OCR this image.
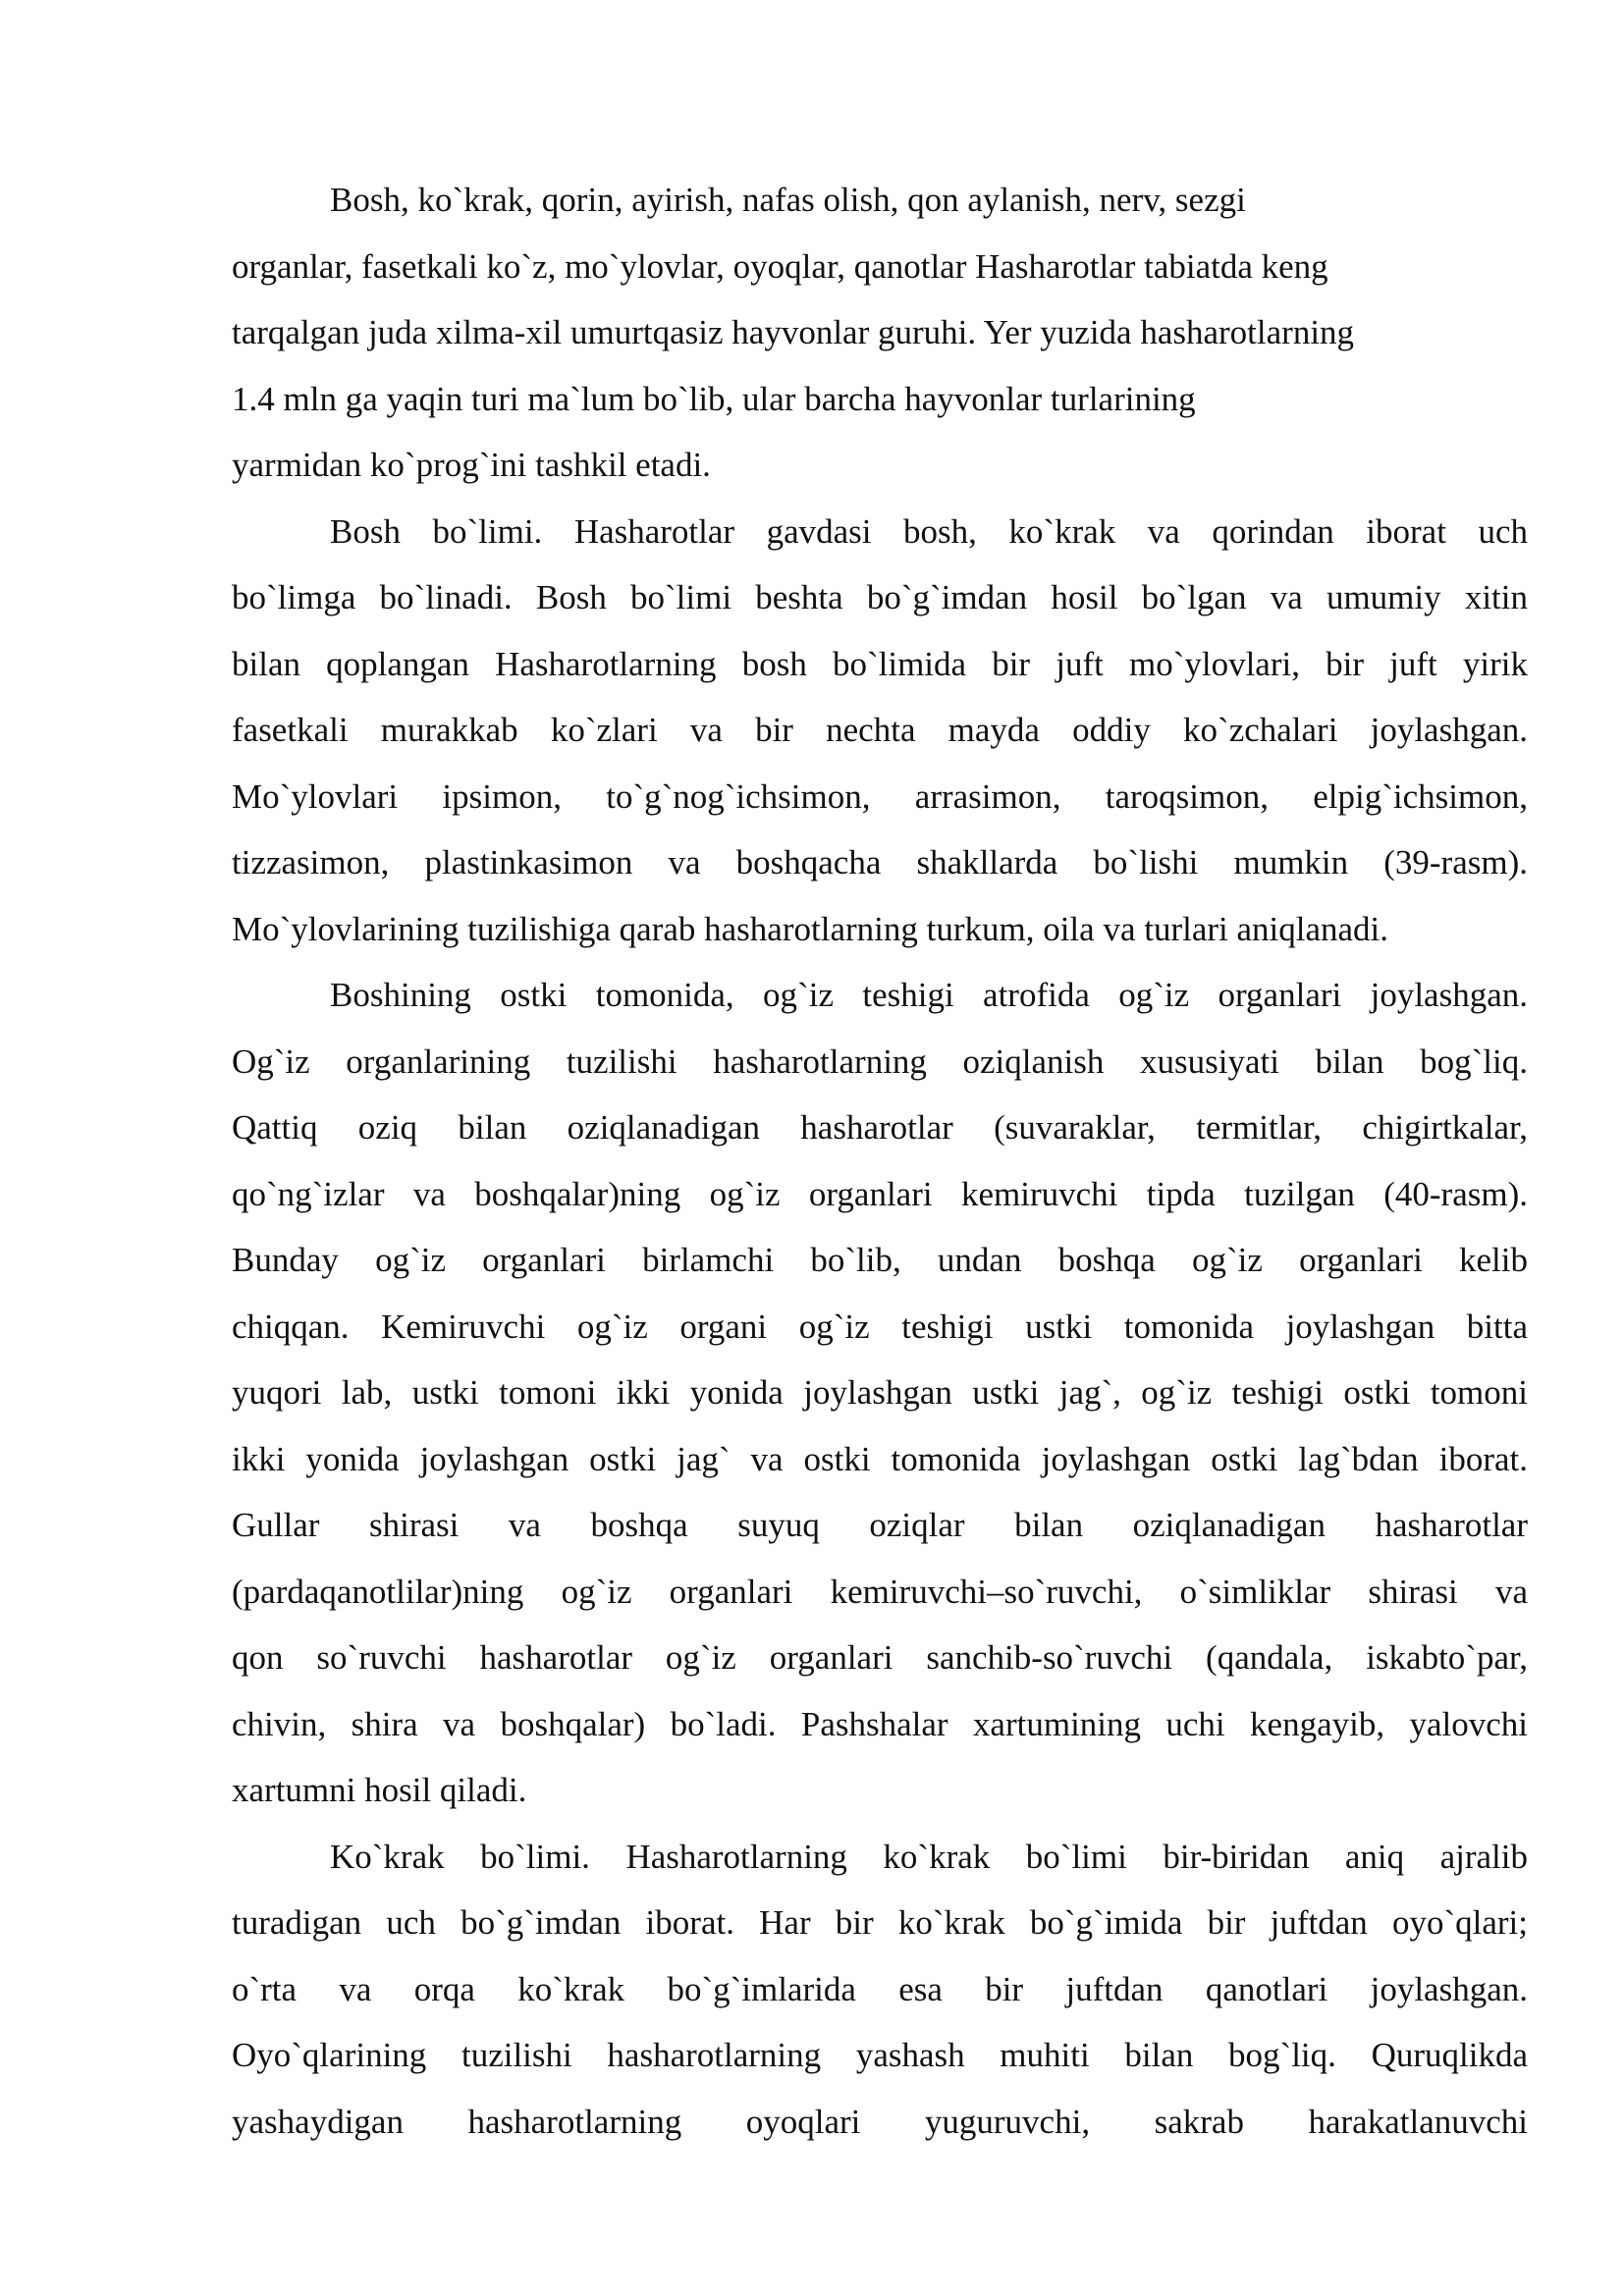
Bosh, ko`krak, qorin, ayirish, nafas olish, qon aylanish, nerv, sezgi
organlar, fasetkali ko`z, mo`ylovlar, oyoqlar, qanotlar Hasharotlar tabiatda keng
tarqalgan juda xilma-xil umurtqasiz hayvonlar guruhi. Yer yuzida hasharotlarning
1.4 mln ga yaqin turi ma`lum bo`lib, ular barcha hayvonlar turlarining
yarmidan ko`prog`ini tashkil etadi.
Bosh bo`limi. Hasharotlar gavdasi bosh, ko`krak va qorindan iborat uch
bo`limga bo`linadi. Bosh bo`limi beshta bo`g`imdan hosil bo`lgan va umumiy xitin
bilan qoplangan Hasharotlarning bosh bo`limida bir juft mo`ylovlari, bir juft yirik
fasetkali murakkab ko`zlari va bir nechta mayda oddiy ko`zchalari joylashgan.
Mo`ylovlari ipsimon, to`g`nog`ichsimon, arrasimon, taroqsimon, elpig`ichsimon,
tizzasimon, plastinkasimon va boshqacha shakllarda bo`lishi mumkin (39-rasm).
Mo`ylovlarining tuzilishiga qarab hasharotlarning turkum, oila va turlari aniqlanadi.
Boshining ostki tomonida, og`iz teshigi atrofida og`iz organlari joylashgan.
Og`iz organlarining tuzilishi hasharotlarning oziqlanish xususiyati bilan bog`liq.
Qattiq oziq bilan oziqlanadigan hasharotlar (suvaraklar, termitlar, chigirtkalar,
qo`ng`izlar va boshqalar)ning og`iz organlari kemiruvchi tipda tuzilgan (40-rasm).
Bunday og`iz organlari birlamchi bo`lib, undan boshqa og`iz organlari kelib
chiqqan. Kemiruvchi og`iz organi og`iz teshigi ustki tomonida joylashgan bitta
yuqori lab, ustki tomoni ikki yonida joylashgan ustki jag`, og`iz teshigi ostki tomoni
ikki yonida joylashgan ostki jag` va ostki tomonida joylashgan ostki lag`bdan iborat.
Gullar shirasi va boshqa suyuq oziqlar bilan oziqlanadigan hasharotlar
(pardaqanotlilar)ning og`iz organlari kemiruvchi–so`ruvchi, o`simliklar shirasi va
qon so`ruvchi hasharotlar og`iz organlari sanchib-so`ruvchi (qandala, iskabto`par,
chivin, shira va boshqalar) bo`ladi. Pashshalar xartumining uchi kengayib, yalovchi
xartumni hosil qiladi.
Ko`krak bo`limi. Hasharotlarning ko`krak bo`limi bir-biridan aniq ajralib
turadigan uch bo`g`imdan iborat. Har bir ko`krak bo`g`imida bir juftdan oyo`qlari;
o`rta va orqa ko`krak bo`g`imlarida esa bir juftdan qanotlari joylashgan.
Oyo`qlarining tuzilishi hasharotlarning yashash muhiti bilan bog`liq. Quruqlikda
yashaydigan hasharotlarning oyoqlari yuguruvchi, sakrab harakatlanuvchi
